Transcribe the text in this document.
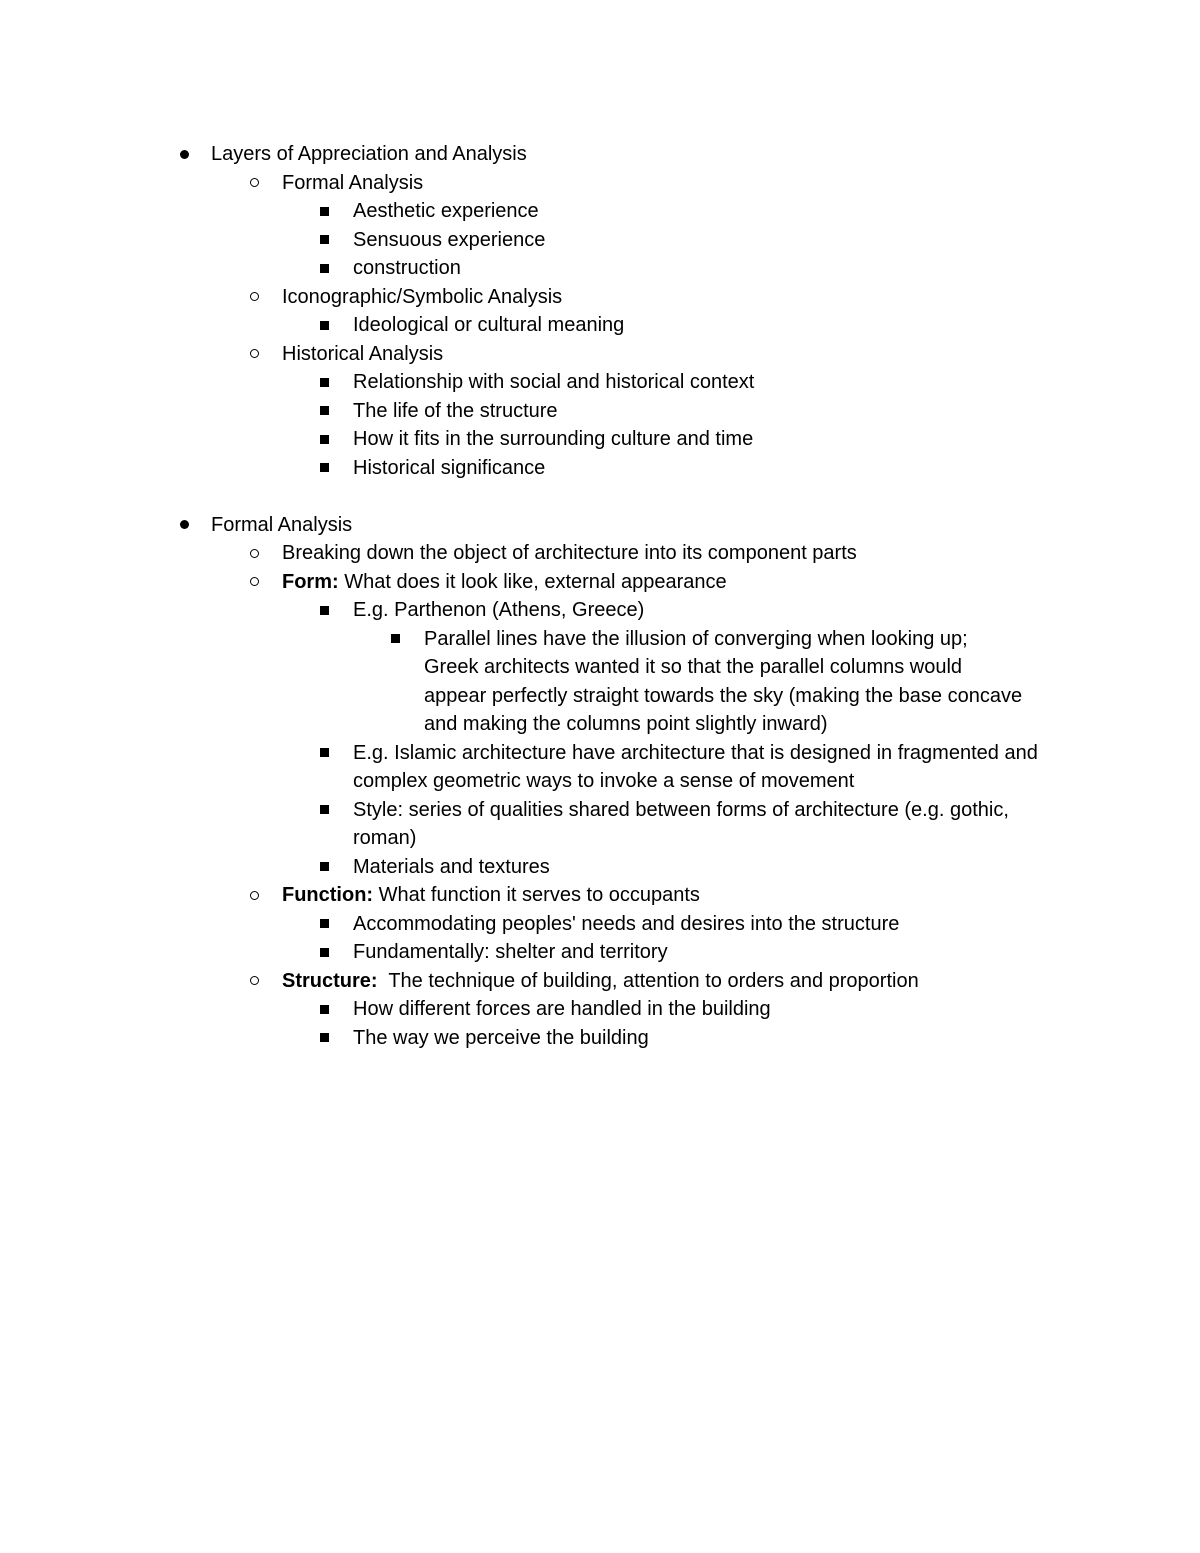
Layers of Appreciation and Analysis
Formal Analysis
Aesthetic experience
Sensuous experience
construction
Iconographic/Symbolic Analysis
Ideological or cultural meaning
Historical Analysis
Relationship with social and historical context
The life of the structure
How it fits in the surrounding culture and time
Historical significance
Formal Analysis
Breaking down the object of architecture into its component parts
Form: What does it look like, external appearance
E.g. Parthenon (Athens, Greece)
Parallel lines have the illusion of converging when looking up; Greek architects wanted it so that the parallel columns would appear perfectly straight towards the sky (making the base concave and making the columns point slightly inward)
E.g. Islamic architecture have architecture that is designed in fragmented and complex geometric ways to invoke a sense of movement
Style: series of qualities shared between forms of architecture (e.g. gothic, roman)
Materials and textures
Function: What function it serves to occupants
Accommodating peoples' needs and desires into the structure
Fundamentally: shelter and territory
Structure:  The technique of building, attention to orders and proportion
How different forces are handled in the building
The way we perceive the building
